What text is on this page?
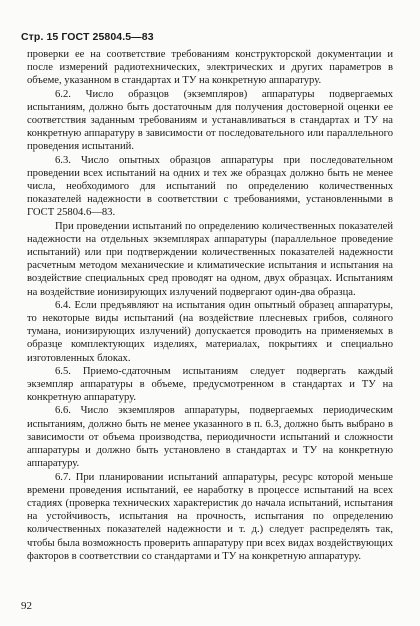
Стр. 15 ГОСТ 25804.5—83

проверки ее на соответствие требованиям конструкторской документации и после измерений радиотехнических, электрических и других параметров в объеме, указанном в стандартах и ТУ на конкретную аппаратуру.

6.2. Число образцов (экземпляров) аппаратуры подвергаемых испытаниям, должно быть достаточным для получения достоверной оценки ее соответствия заданным требованиям и устанавливаться в стандартах и ТУ на конкретную аппаратуру в зависимости от последовательного или параллельного проведения испытаний.

6.3. Число опытных образцов аппаратуры при последовательном проведении всех испытаний на одних и тех же образцах должно быть не менее числа, необходимого для испытаний по определению количественных показателей надежности в соответствии с требованиями, установленными в ГОСТ 25804.6—83.

При проведении испытаний по определению количественных показателей надежности на отдельных экземплярах аппаратуры (параллельное проведение испытаний) или при подтверждении количественных показателей надежности расчетным методом механические и климатические испытания и испытания на воздействие специальных сред проводят на одном, двух образцах. Испытаниям на воздействие ионизирующих излучений подвергают один-два образца.

6.4. Если предъявляют на испытания один опытный образец аппаратуры, то некоторые виды испытаний (на воздействие плесневых грибов, соляного тумана, ионизирующих излучений) допускается проводить на применяемых в образце комплектующих изделиях, материалах, покрытиях и специально изготовленных блоках.

6.5. Приемо-сдаточным испытаниям следует подвергать каждый экземпляр аппаратуры в объеме, предусмотренном в стандартах и ТУ на конкретную аппаратуру.

6.6. Число экземпляров аппаратуры, подвергаемых периодическим испытаниям, должно быть не менее указанного в п. 6.3, должно быть выбрано в зависимости от объема производства, периодичности испытаний и сложности аппаратуры и должно быть установлено в стандартах и ТУ на конкретную аппаратуру.

6.7. При планировании испытаний аппаратуры, ресурс которой меньше времени проведения испытаний, ее наработку в процессе испытаний на всех стадиях (проверка технических характеристик до начала испытаний, испытания на устойчивость, испытания на прочность, испытания по определению количественных показателей надежности и т. д.) следует распределять так, чтобы была возможность проверить аппаратуру при всех видах воздействующих факторов в соответствии со стандартами и ТУ на конкретную аппаратуру.

92
